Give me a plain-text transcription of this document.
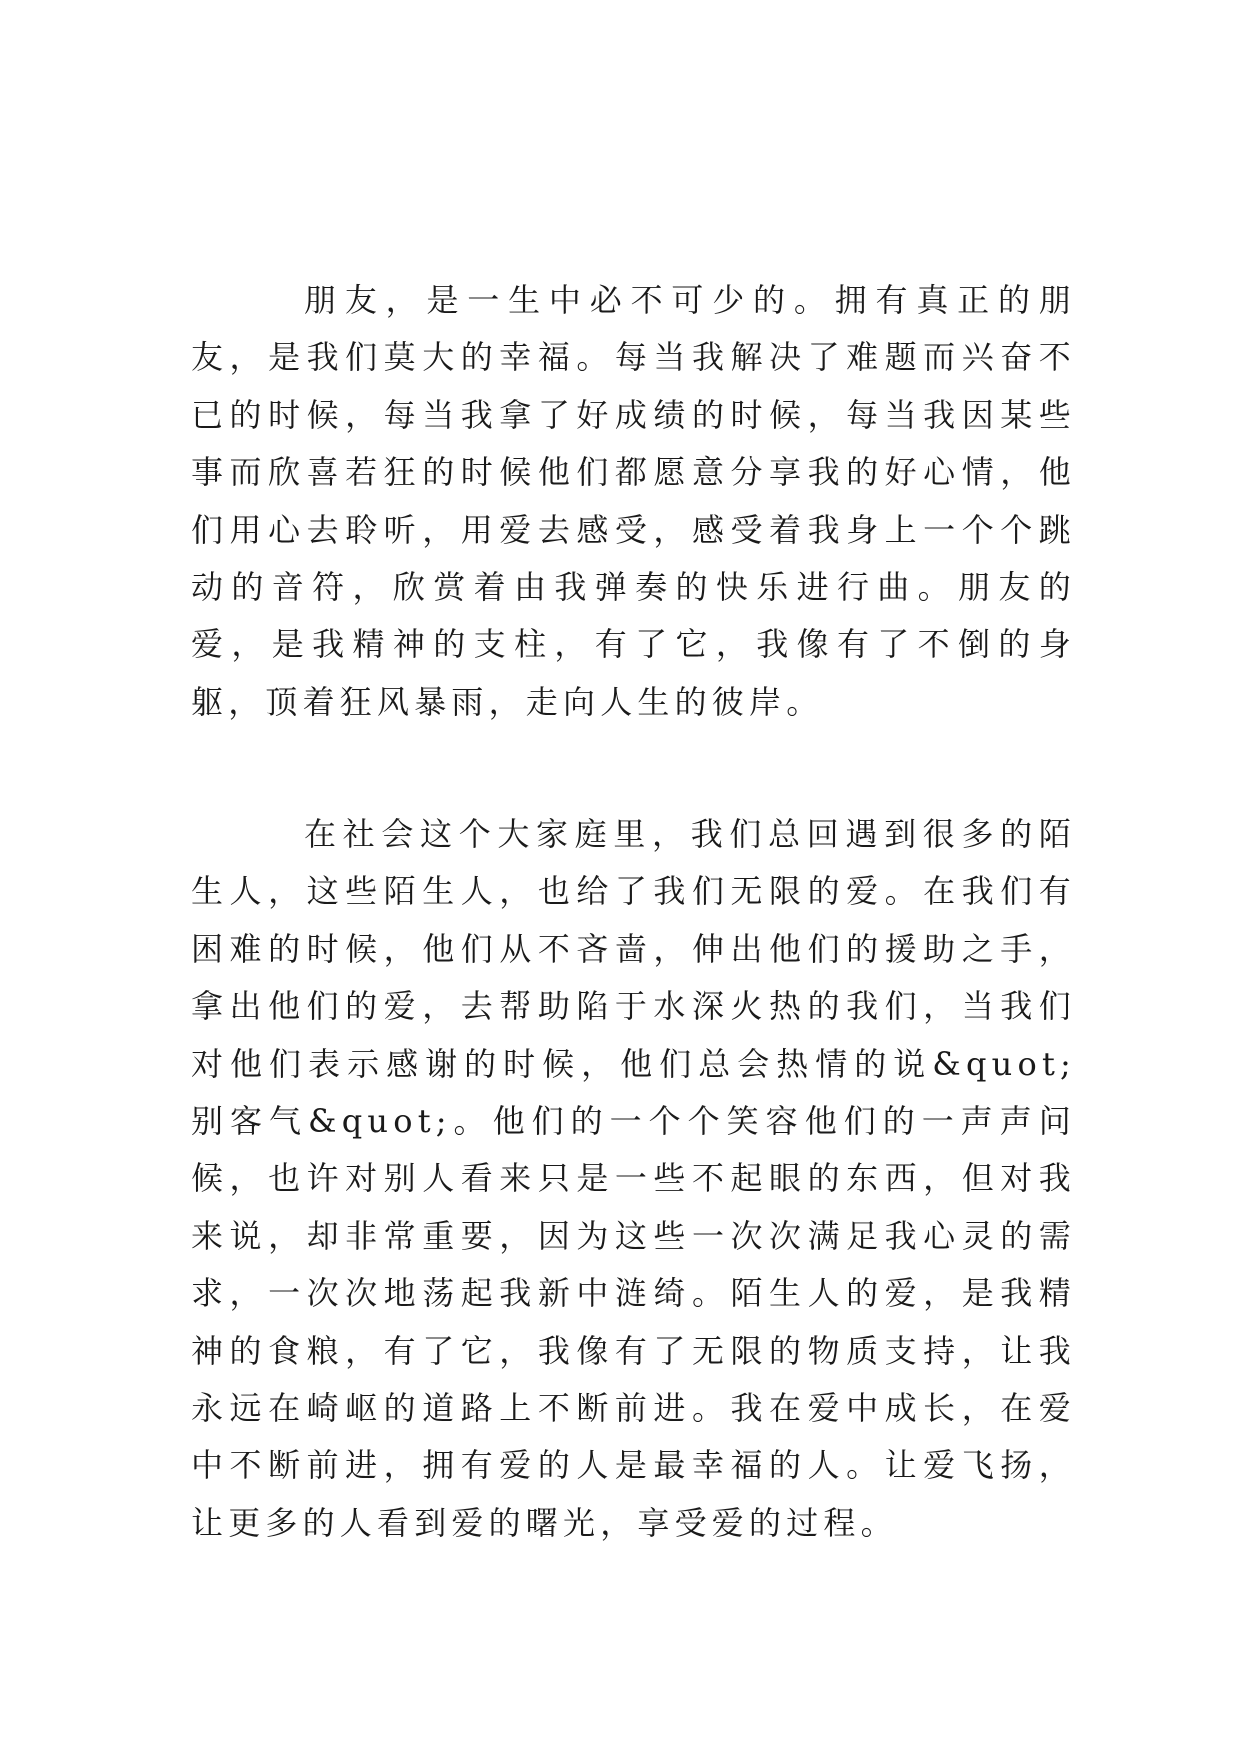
朋友，是一生中必不可少的。拥有真正的朋友，是我们莫大的幸福。每当我解决了难题而兴奋不已的时候，每当我拿了好成绩的时候，每当我因某些事而欣喜若狂的时候他们都愿意分享我的好心情，他们用心去聆听，用爱去感受，感受着我身上一个个跳动的音符，欣赏着由我弹奏的快乐进行曲。朋友的爱，是我精神的支柱，有了它，我像有了不倒的身躯，顶着狂风暴雨，走向人生的彼岸。

在社会这个大家庭里，我们总回遇到很多的陌生人，这些陌生人，也给了我们无限的爱。在我们有困难的时候，他们从不吝啬，伸出他们的援助之手，拿出他们的爱，去帮助陷于水深火热的我们，当我们对他们表示感谢的时候，他们总会热情的说&quot;别客气&quot;。他们的一个个笑容他们的一声声问候，也许对别人看来只是一些不起眼的东西，但对我来说，却非常重要，因为这些一次次满足我心灵的需求，一次次地荡起我新中涟绮。陌生人的爱，是我精神的食粮，有了它，我像有了无限的物质支持，让我永远在崎岖的道路上不断前进。我在爱中成长，在爱中不断前进，拥有爱的人是最幸福的人。让爱飞扬，让更多的人看到爱的曙光，享受爱的过程。
